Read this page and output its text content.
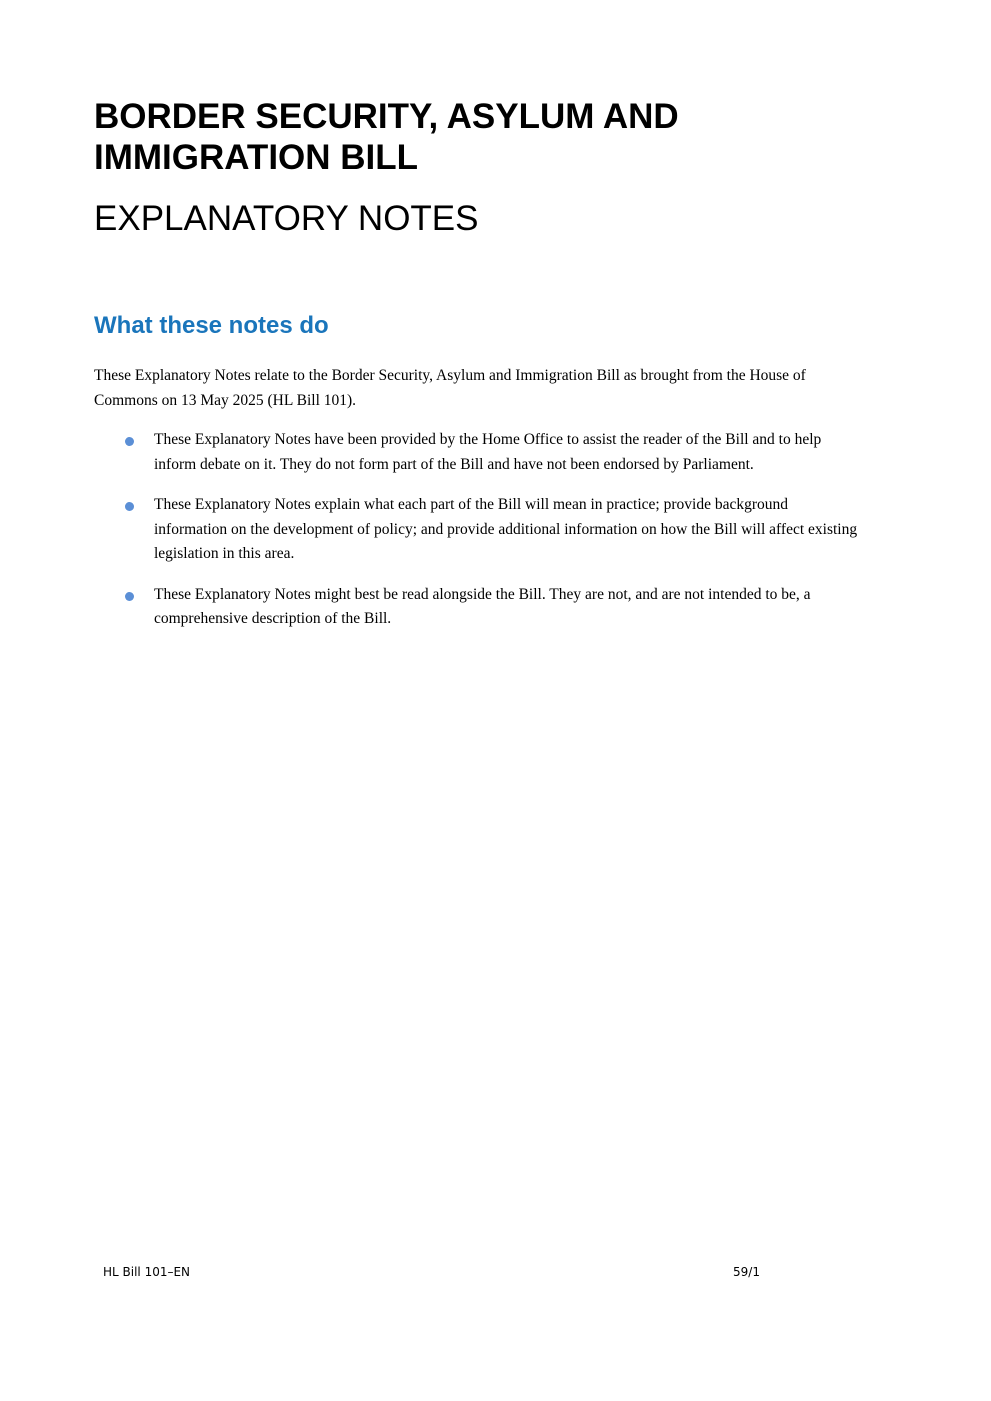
BORDER SECURITY, ASYLUM AND IMMIGRATION BILL
EXPLANATORY NOTES
What these notes do

These Explanatory Notes relate to the Border Security, Asylum and Immigration Bill as brought from the House of Commons on 13 May 2025 (HL Bill 101).

These Explanatory Notes have been provided by the Home Office to assist the reader of the Bill and to help inform debate on it. They do not form part of the Bill and have not been endorsed by Parliament.
These Explanatory Notes explain what each part of the Bill will mean in practice; provide background information on the development of policy; and provide additional information on how the Bill will affect existing legislation in this area.
These Explanatory Notes might best be read alongside the Bill. They are not, and are not intended to be, a comprehensive description of the Bill.
HL Bill 101–EN	59/1
